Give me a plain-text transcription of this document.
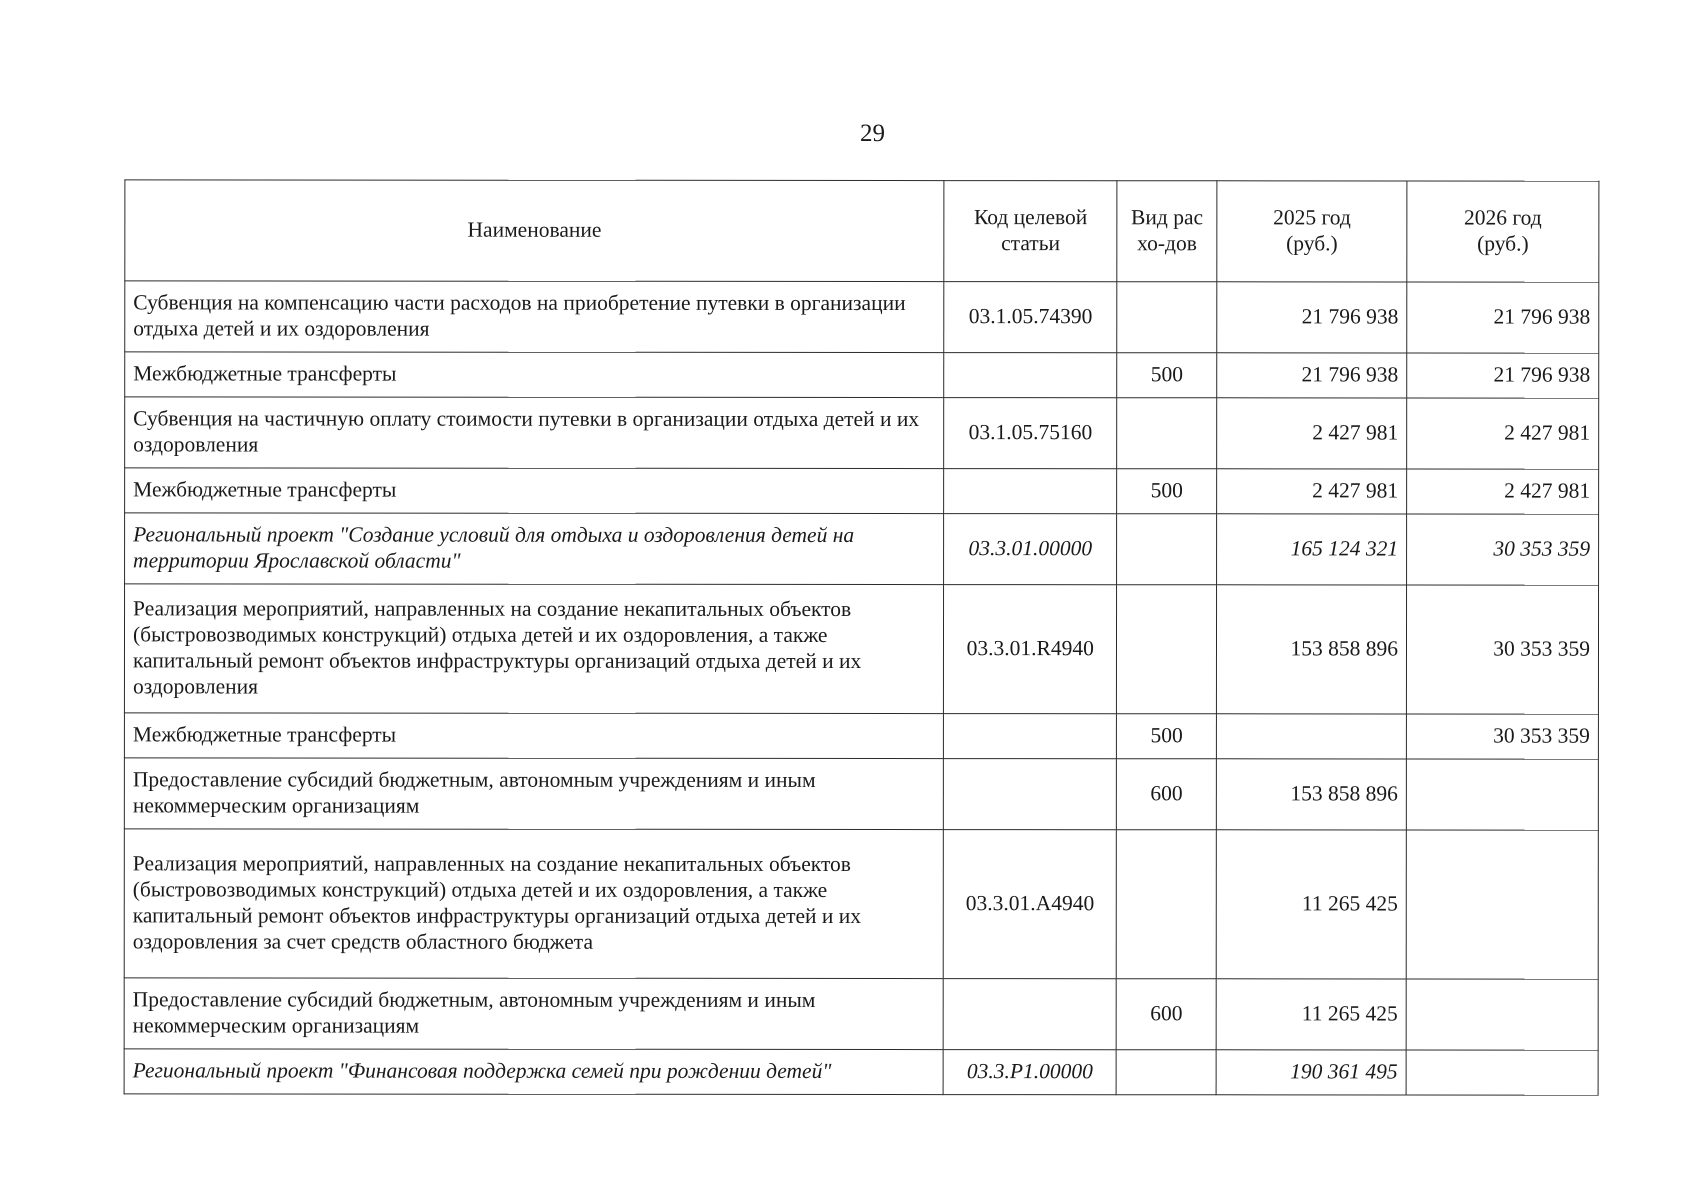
29
Наименование	Код целевой статьи	Вид расхо-дов	2025 год (руб.)	2026 год (руб.)
Субвенция на компенсацию части расходов на приобретение путевки в организации отдыха детей и их оздоровления	03.1.05.74390		21 796 938	21 796 938
Межбюджетные трансферты		500	21 796 938	21 796 938
Субвенция на частичную оплату стоимости путевки в организации отдыха детей и их оздоровления	03.1.05.75160		2 427 981	2 427 981
Межбюджетные трансферты		500	2 427 981	2 427 981
Региональный проект "Создание условий для отдыха и оздоровления детей на территории Ярославской области"	03.3.01.00000		165 124 321	30 353 359
Реализация мероприятий, направленных на создание некапитальных объектов (быстровозводимых конструкций) отдыха детей и их оздоровления, а также капитальный ремонт объектов инфраструктуры организаций отдыха детей и их оздоровления	03.3.01.R4940		153 858 896	30 353 359
Межбюджетные трансферты		500		30 353 359
Предоставление субсидий бюджетным, автономным учреждениям и иным некоммерческим организациям		600	153 858 896	
Реализация мероприятий, направленных на создание некапитальных объектов (быстровозводимых конструкций) отдыха детей и их оздоровления, а также капитальный ремонт объектов инфраструктуры организаций отдыха детей и их оздоровления за счет средств областного бюджета	03.3.01.A4940		11 265 425	
Предоставление субсидий бюджетным, автономным учреждениям и иным некоммерческим организациям		600	11 265 425	
Региональный проект "Финансовая поддержка семей при рождении детей"	03.3.P1.00000		190 361 495	
